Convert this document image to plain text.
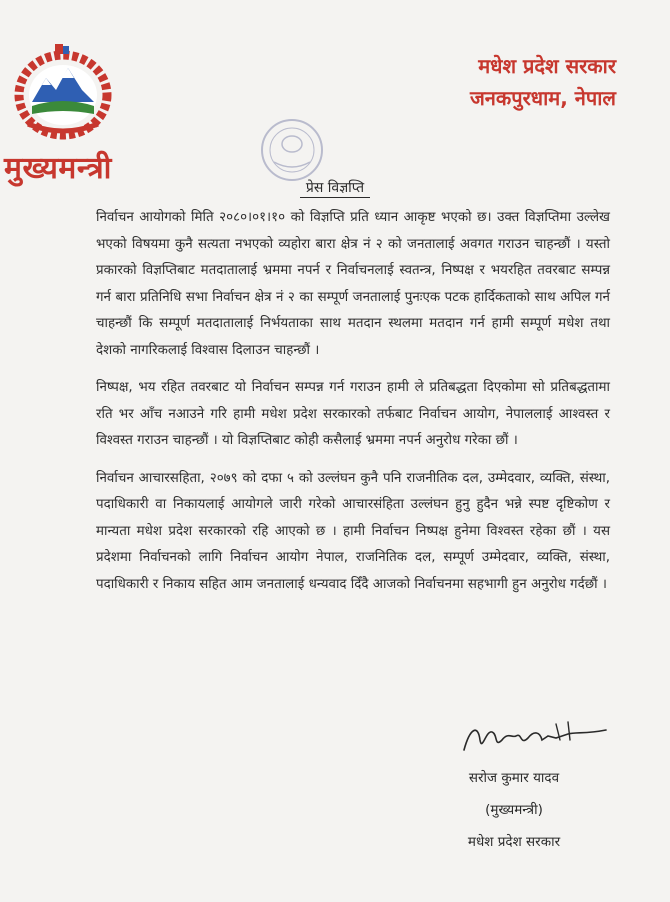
मुख्यमन्त्री
मधेश प्रदेश सरकार
जनकपुरधाम, नेपाल
प्रेस विज्ञप्ति

निर्वाचन आयोगको मिति २०८०।०१।१० को विज्ञप्ति प्रति ध्यान आकृष्ट भएको छ। उक्त विज्ञप्तिमा उल्लेख भएको विषयमा कुनै सत्यता नभएको व्यहोरा बारा क्षेत्र नं २ को जनतालाई अवगत गराउन चाहन्छौं । यस्तो प्रकारको विज्ञप्तिबाट मतदातालाई भ्रममा नपर्न र निर्वाचनलाई स्वतन्त्र, निष्पक्ष र भयरहित तवरबाट सम्पन्न गर्न बारा प्रतिनिधि सभा निर्वाचन क्षेत्र नं २ का सम्पूर्ण जनतालाई पुनःएक पटक हार्दिकताको साथ अपिल गर्न चाहन्छौं कि सम्पूर्ण मतदातालाई निर्भयताका साथ मतदान स्थलमा मतदान गर्न हामी सम्पूर्ण मधेश तथा देशको नागरिकलाई विश्वास दिलाउन चाहन्छौं ।

निष्पक्ष, भय रहित तवरबाट यो निर्वाचन सम्पन्न गर्न गराउन हामी ले प्रतिबद्धता दिएकोमा सो प्रतिबद्धतामा रति भर आँच नआउने गरि हामी मधेश प्रदेश सरकारको तर्फबाट निर्वाचन आयोग, नेपाललाई आश्वस्त र विश्वस्त गराउन चाहन्छौं । यो विज्ञप्तिबाट कोही कसैलाई भ्रममा नपर्न अनुरोध गरेका छौं ।

निर्वाचन आचारसहिता, २०७९ को दफा ५ को उल्लंघन कुनै पनि राजनीतिक दल, उम्मेदवार, व्यक्ति, संस्था, पदाधिकारी वा निकायलाई आयोगले जारी गरेको आचारसंहिता उल्लंघन हुनु हुदैन भन्ने स्पष्ट दृष्टिकोण र मान्यता मधेश प्रदेश सरकारको रहि आएको छ । हामी निर्वाचन निष्पक्ष हुनेमा विश्वस्त रहेका छौं । यस प्रदेशमा निर्वाचनको लागि निर्वाचन आयोग नेपाल, राजनितिक दल, सम्पूर्ण उम्मेदवार, व्यक्ति, संस्था, पदाधिकारी र निकाय सहित आम जनतालाई धन्यवाद दिँदै आजको निर्वाचनमा सहभागी हुन अनुरोध गर्दछौं ।

सरोज कुमार यादव
(मुख्यमन्त्री)
मधेश प्रदेश सरकार
